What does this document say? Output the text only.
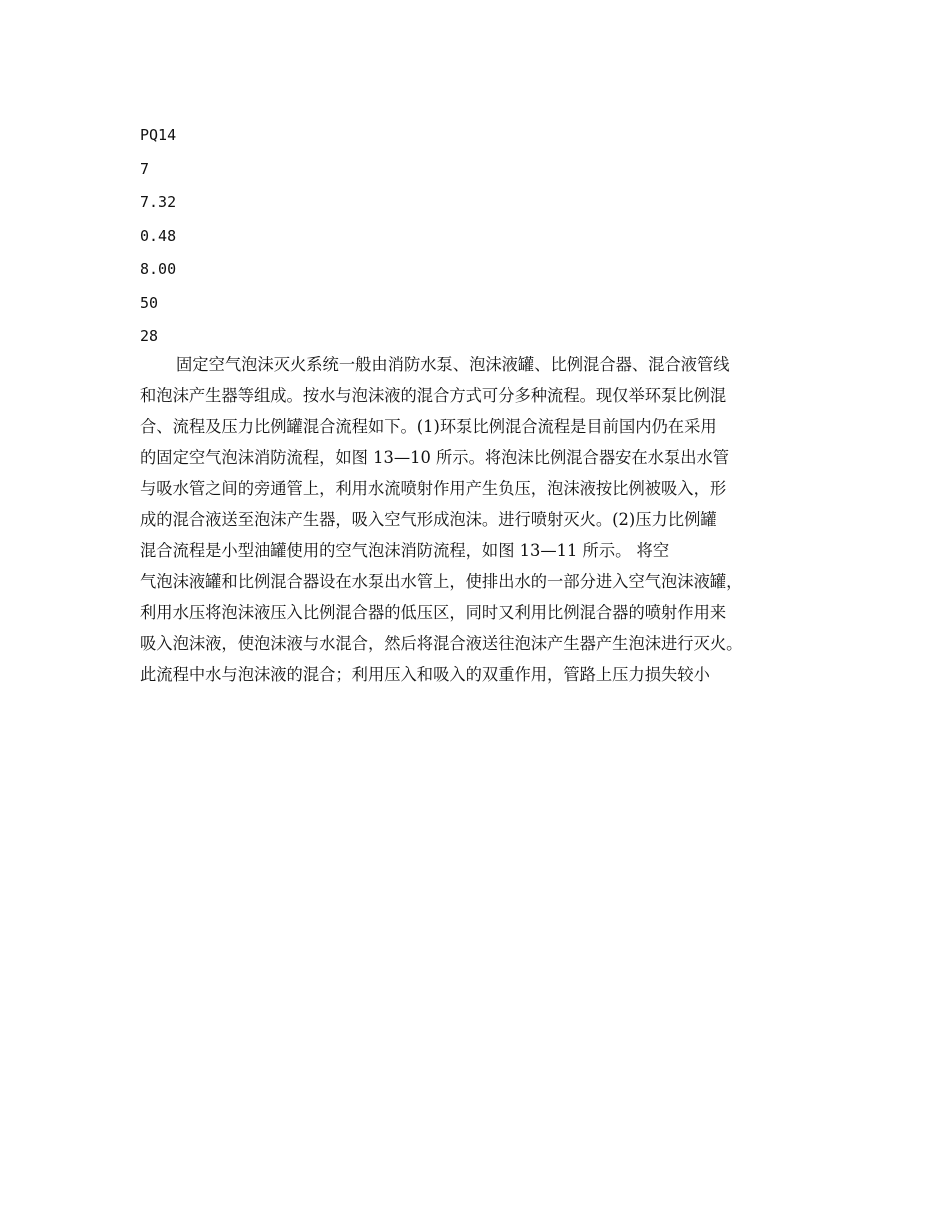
PQ14
7
7.32
0.48
8.00
50
28
固定空气泡沫灭火系统一般由消防水泵、泡沫液罐、比例混合器、混合液管线
和泡沫产生器等组成。按水与泡沫液的混合方式可分多种流程。现仅举环泵比例混
合、流程及压力比例罐混合流程如下。(1)环泵比例混合流程是目前国内仍在采用
的固定空气泡沫消防流程，如图 13—10 所示。将泡沫比例混合器安在水泵出水管
与吸水管之间的旁通管上，利用水流喷射作用产生负压，泡沫液按比例被吸入，形
成的混合液送至泡沫产生器，吸入空气形成泡沫。进行喷射灭火。(2)压力比例罐
混合流程是小型油罐使用的空气泡沫消防流程，如图 13—11 所示。 将空
气泡沫液罐和比例混合器设在水泵出水管上，使排出水的一部分进入空气泡沫液罐，
利用水压将泡沫液压入比例混合器的低压区，同时又利用比例混合器的喷射作用来
吸入泡沫液，使泡沫液与水混合，然后将混合液送往泡沫产生器产生泡沫进行灭火。
此流程中水与泡沫液的混合；利用压入和吸入的双重作用，管路上压力损失较小
